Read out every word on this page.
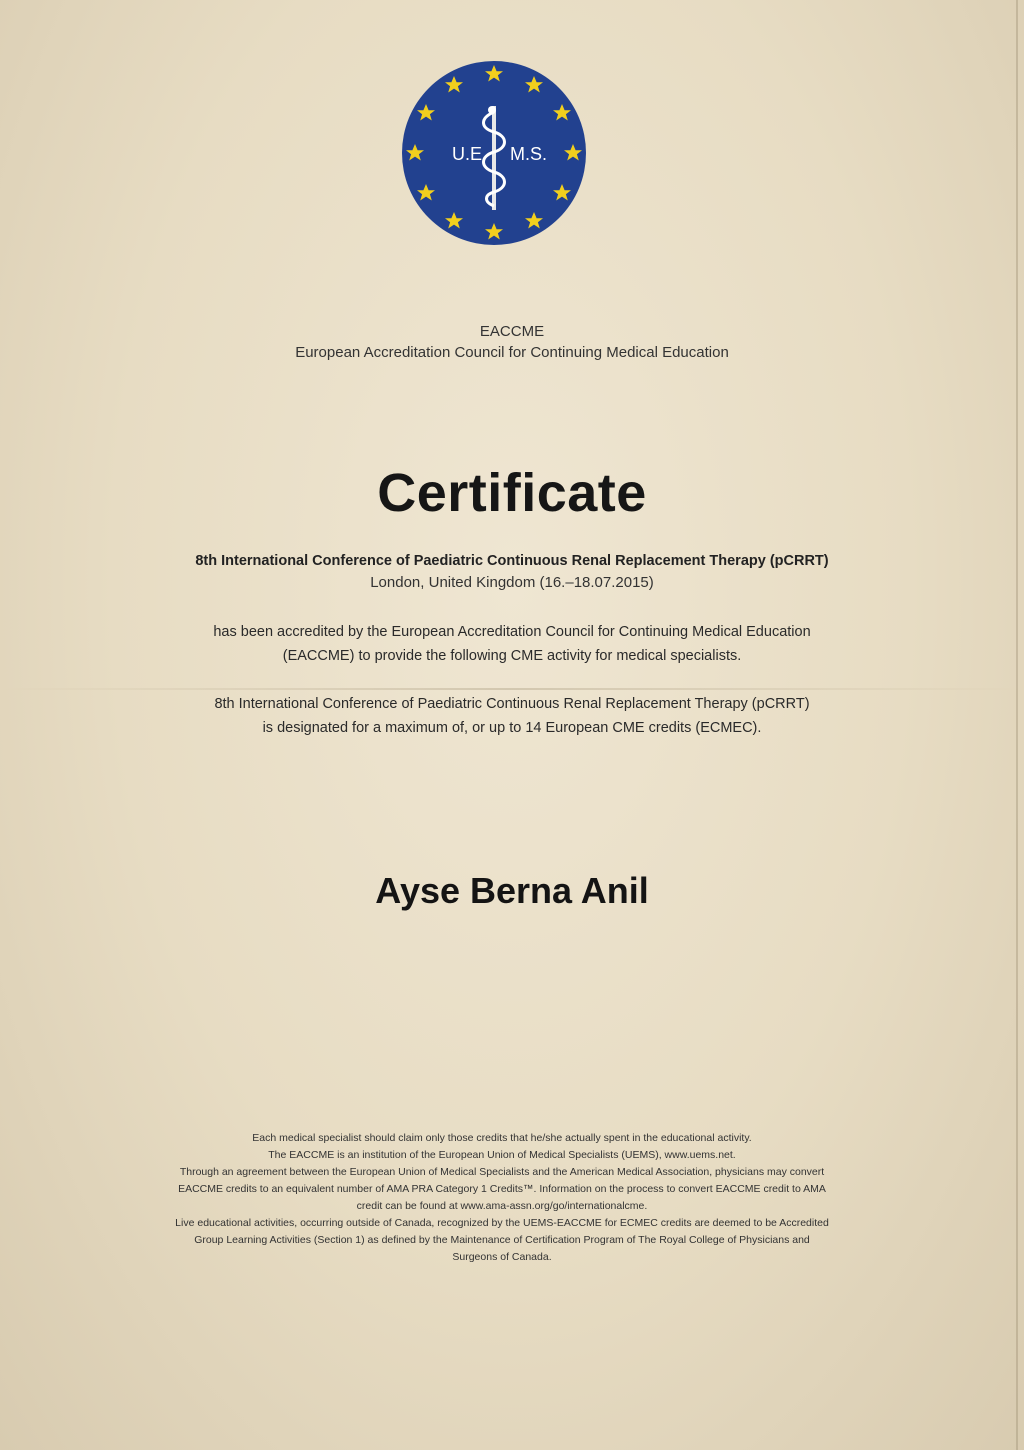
U.E. M.S.
EACCME
European Accreditation Council for Continuing Medical Education
Certificate
8th International Conference of Paediatric Continuous Renal Replacement Therapy (pCRRT)
London, United Kingdom (16.–18.07.2015)
has been accredited by the European Accreditation Council for Continuing Medical Education
(EACCME) to provide the following CME activity for medical specialists.
8th International Conference of Paediatric Continuous Renal Replacement Therapy (pCRRT)
is designated for a maximum of, or up to 14 European CME credits (ECMEC).
Ayse Berna Anil
Each medical specialist should claim only those credits that he/she actually spent in the educational activity.
The EACCME is an institution of the European Union of Medical Specialists (UEMS), www.uems.net.
Through an agreement between the European Union of Medical Specialists and the American Medical Association, physicians may convert
EACCME credits to an equivalent number of AMA PRA Category 1 Credits™. Information on the process to convert EACCME credit to AMA
credit can be found at www.ama-assn.org/go/internationalcme.
Live educational activities, occurring outside of Canada, recognized by the UEMS-EACCME for ECMEC credits are deemed to be Accredited
Group Learning Activities (Section 1) as defined by the Maintenance of Certification Program of The Royal College of Physicians and
Surgeons of Canada.
